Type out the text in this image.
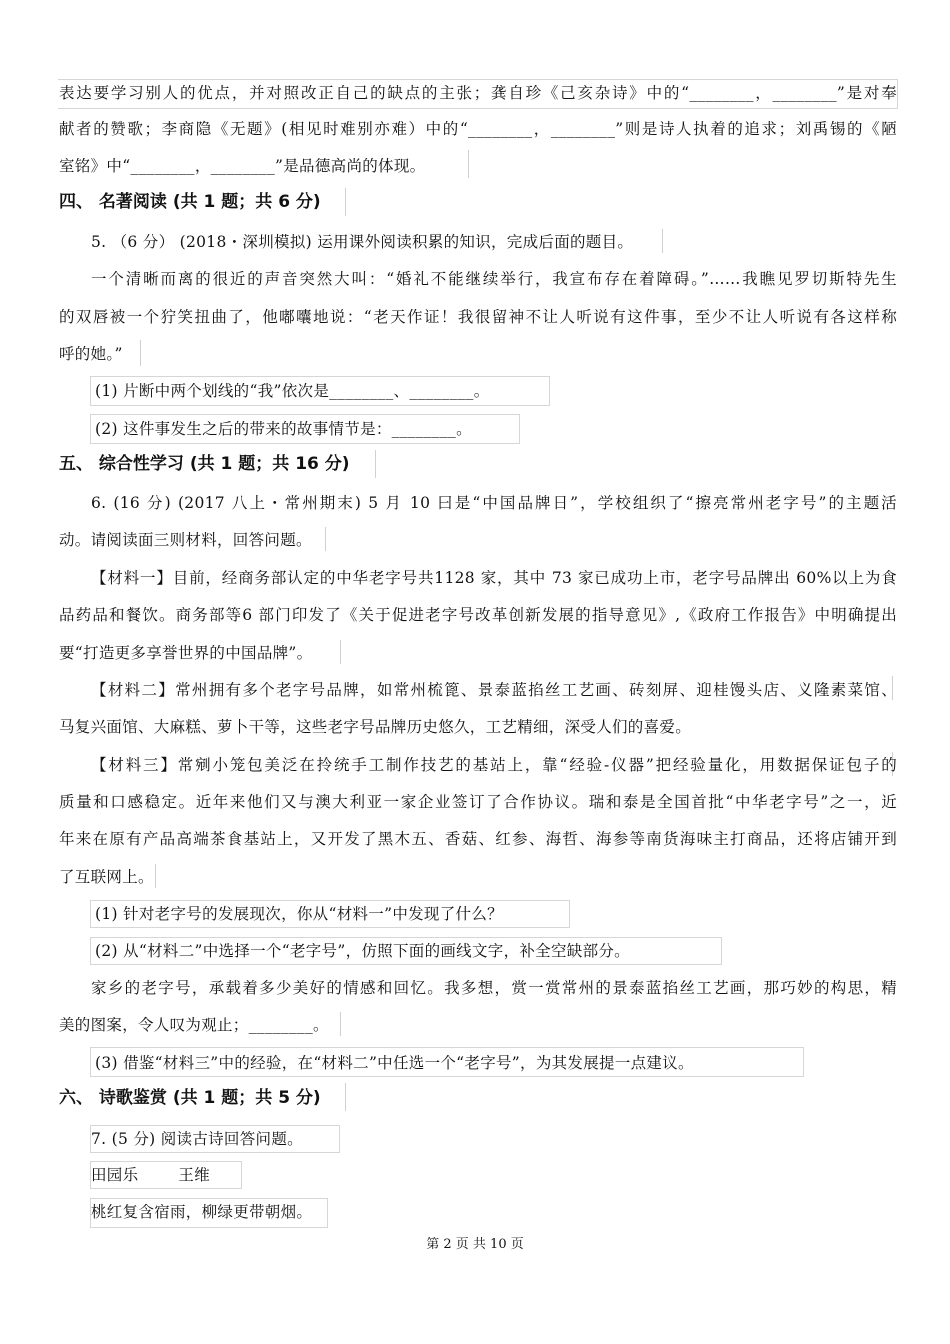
表达要学习别人的优点，并对照改正自己的缺点的主张；龚自珍《己亥杂诗》中的“________，________”是对奉
献者的赞歌；李商隐《无题》(相见时难别亦难）中的“________，________”则是诗人执着的追求；刘禹锡的《陋
室铭》中“________，________”是品德高尚的体现。
四、 名著阅读 (共 1 题；共 6 分)
5. （6 分） (2018・深圳模拟) 运用课外阅读积累的知识，完成后面的题目。
一个清晰而离的很近的声音突然大叫：“婚礼不能继续举行，我宣布存在着障碍。”……我瞧见罗切斯特先生
的双唇被一个狞笑扭曲了，他嘟囔地说：“老天作证！我很留神不让人听说有这件事，至少不让人听说有各这样称
呼的她。”
(1) 片断中两个划线的“我”依次是________、________。
(2) 这件事发生之后的带来的故事情节是：________。
五、 综合性学习 (共 1 题；共 16 分)
6. (16 分) (2017 八上・常州期末) 5 月 10 曰是“中国品牌日”，学校组织了“擦亮常州老字号”的主题活
动。请阅读面三则材料，回答问题。
【材料一】目前，经商务部认定的中华老字号共1128 家，其中 73 家已成功上市，老字号品牌出 60%以上为食
品药品和餐饮。商务部等6 部门印发了《关于促进老字号改革创新发展的指导意见》,《政府工作报告》中明确提出
要“打造更多享誉世界的中国品牌”。
【材料二】常州拥有多个老字号品牌，如常州梳篦、景泰蓝掐丝工艺画、砖刻屏、迎桂馒头店、义隆素菜馆、
马复兴面馆、大麻糕、萝卜干等，这些老字号品牌历史悠久，工艺精细，深受人们的喜爱。
【材料三】常剜小笼包美泛在拎统手工制作技艺的基站上，靠“经验-仪器”把经验量化，用数据保证包子的
质量和口感稳定。近年来他们又与澳大利亚一家企业签订了合作协议。瑞和泰是全国首批“中华老字号”之一，近
年来在原有产品高端茶食基站上，又开发了黑木五、香菇、红参、海哲、海参等南货海味主打商品，还将店铺开到
了互联网上。
(1) 针对老字号的发展现次，你从“材料一”中发现了什么？
(2) 从“材料二”中选择一个“老字号”，仿照下面的画线文字，补全空缺部分。
家乡的老字号，承载着多少美好的情感和回忆。我多想，赏一赏常州的景泰蓝掐丝工艺画，那巧妙的构思，精
美的图案，令人叹为观止；________。
(3) 借鉴“材料三”中的经验，在“材料二”中任选一个“老字号”，为其发展提一点建议。
六、 诗歌鉴赏 (共 1 题；共 5 分)
7. (5 分) 阅读古诗回答问题。
田园乐	王维
桃红复含宿雨，柳绿更带朝烟。
第 2 页 共 10 页
